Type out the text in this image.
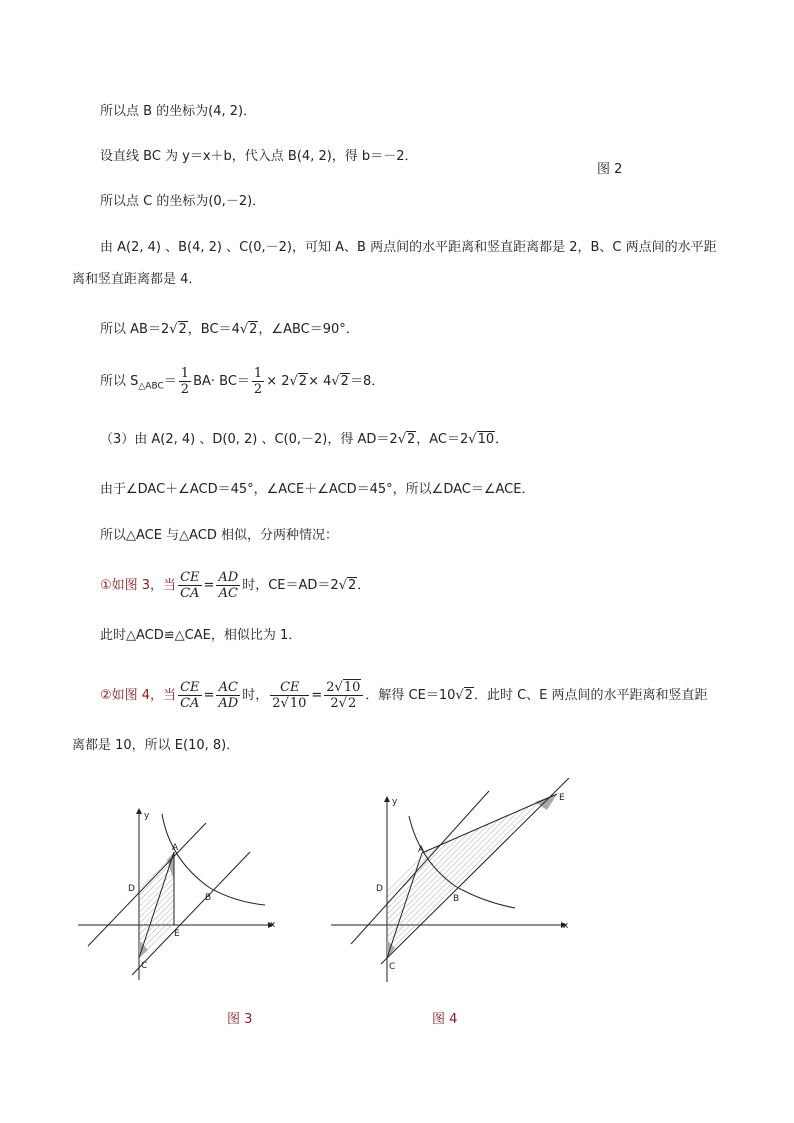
图 2
所以点 B 的坐标为(4, 2)．
设直线 BC 为 y＝x＋b，代入点 B(4, 2)，得 b＝－2．
所以点 C 的坐标为(0,－2)．
由 A(2, 4) 、B(4, 2) 、C(0,－2)，可知 A、B 两点间的水平距离和竖直距离都是 2，B、C 两点间的水平距
离和竖直距离都是 4．
所以 AB＝2√2，BC＝4√2，∠ABC＝90°．
所以 $S_{\triangle ABC}= \frac{1}{2} BA\cdot BC= \frac{1}{2} \times 2√2\times 4√2=8$．
（3）由 A(2, 4) 、D(0, 2) 、C(0,－2)，得 AD＝2√2，AC＝2√10．
由于∠DAC＋∠ACD＝45°，∠ACE＋∠ACD＝45°，所以∠DAC＝∠ACE．
所以△ACE 与△ACD 相似，分两种情况：
①如图 3，当 $\frac{CE}{CA} = \frac{AD}{AC}$ 时，CE＝AD＝2√2．
此时△ACD≌△CAE，相似比为 1．
②如图 4，当 $\frac{CE}{CA} = \frac{AC}{AD}$ 时， $\frac{CE}{2√10} = \frac{2√10}{2√2}$ ．解得 CE＝10√2．此时 C、E 两点间的水平距离和竖直距
离都是 10，所以 E(10, 8)．
x
y
A
B
D
E
C
图 3
x
y
A
B
D
E
C
图 4
